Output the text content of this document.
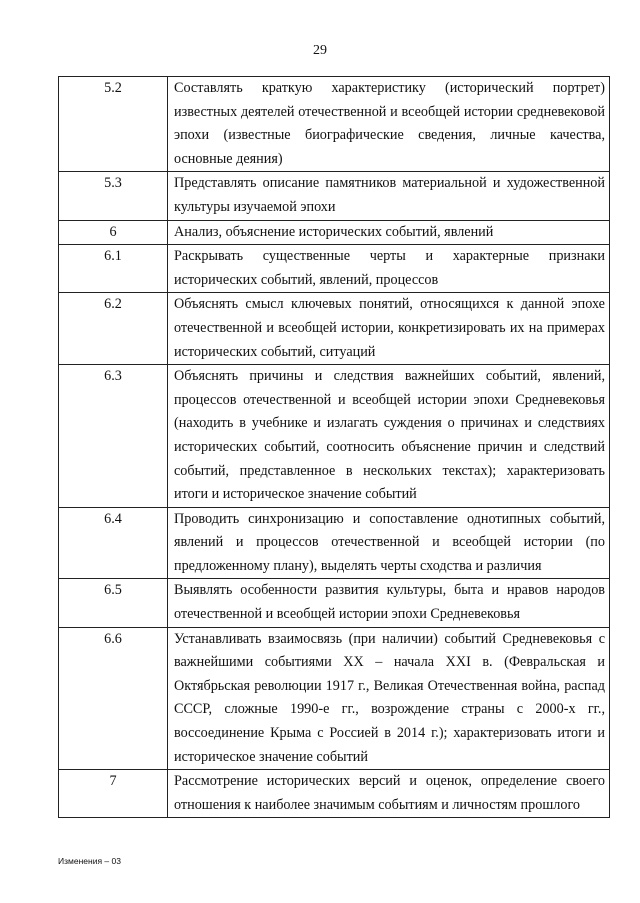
29
5.2	Составлять краткую характеристику (исторический портрет) известных деятелей отечественной и всеобщей истории средневековой эпохи (известные биографические сведения, личные качества, основные деяния)
5.3	Представлять описание памятников материальной и художественной культуры изучаемой эпохи
6	Анализ, объяснение исторических событий, явлений
6.1	Раскрывать существенные черты и характерные признаки исторических событий, явлений, процессов
6.2	Объяснять смысл ключевых понятий, относящихся к данной эпохе отечественной и всеобщей истории, конкретизировать их на примерах исторических событий, ситуаций
6.3	Объяснять причины и следствия важнейших событий, явлений, процессов отечественной и всеобщей истории эпохи Средневековья (находить в учебнике и излагать суждения о причинах и следствиях исторических событий, соотносить объяснение причин и следствий событий, представленное в нескольких текстах); характеризовать итоги и историческое значение событий
6.4	Проводить синхронизацию и сопоставление однотипных событий, явлений и процессов отечественной и всеобщей истории (по предложенному плану), выделять черты сходства и различия
6.5	Выявлять особенности развития культуры, быта и нравов народов отечественной и всеобщей истории эпохи Средневековья
6.6	Устанавливать взаимосвязь (при наличии) событий Средневековья с важнейшими событиями XX – начала XXI в. (Февральская и Октябрьская революции 1917 г., Великая Отечественная война, распад СССР, сложные 1990-е гг., возрождение страны с 2000-х гг., воссоединение Крыма с Россией в 2014 г.); характеризовать итоги и историческое значение событий
7	Рассмотрение исторических версий и оценок, определение своего отношения к наиболее значимым событиям и личностям прошлого
Изменения – 03
